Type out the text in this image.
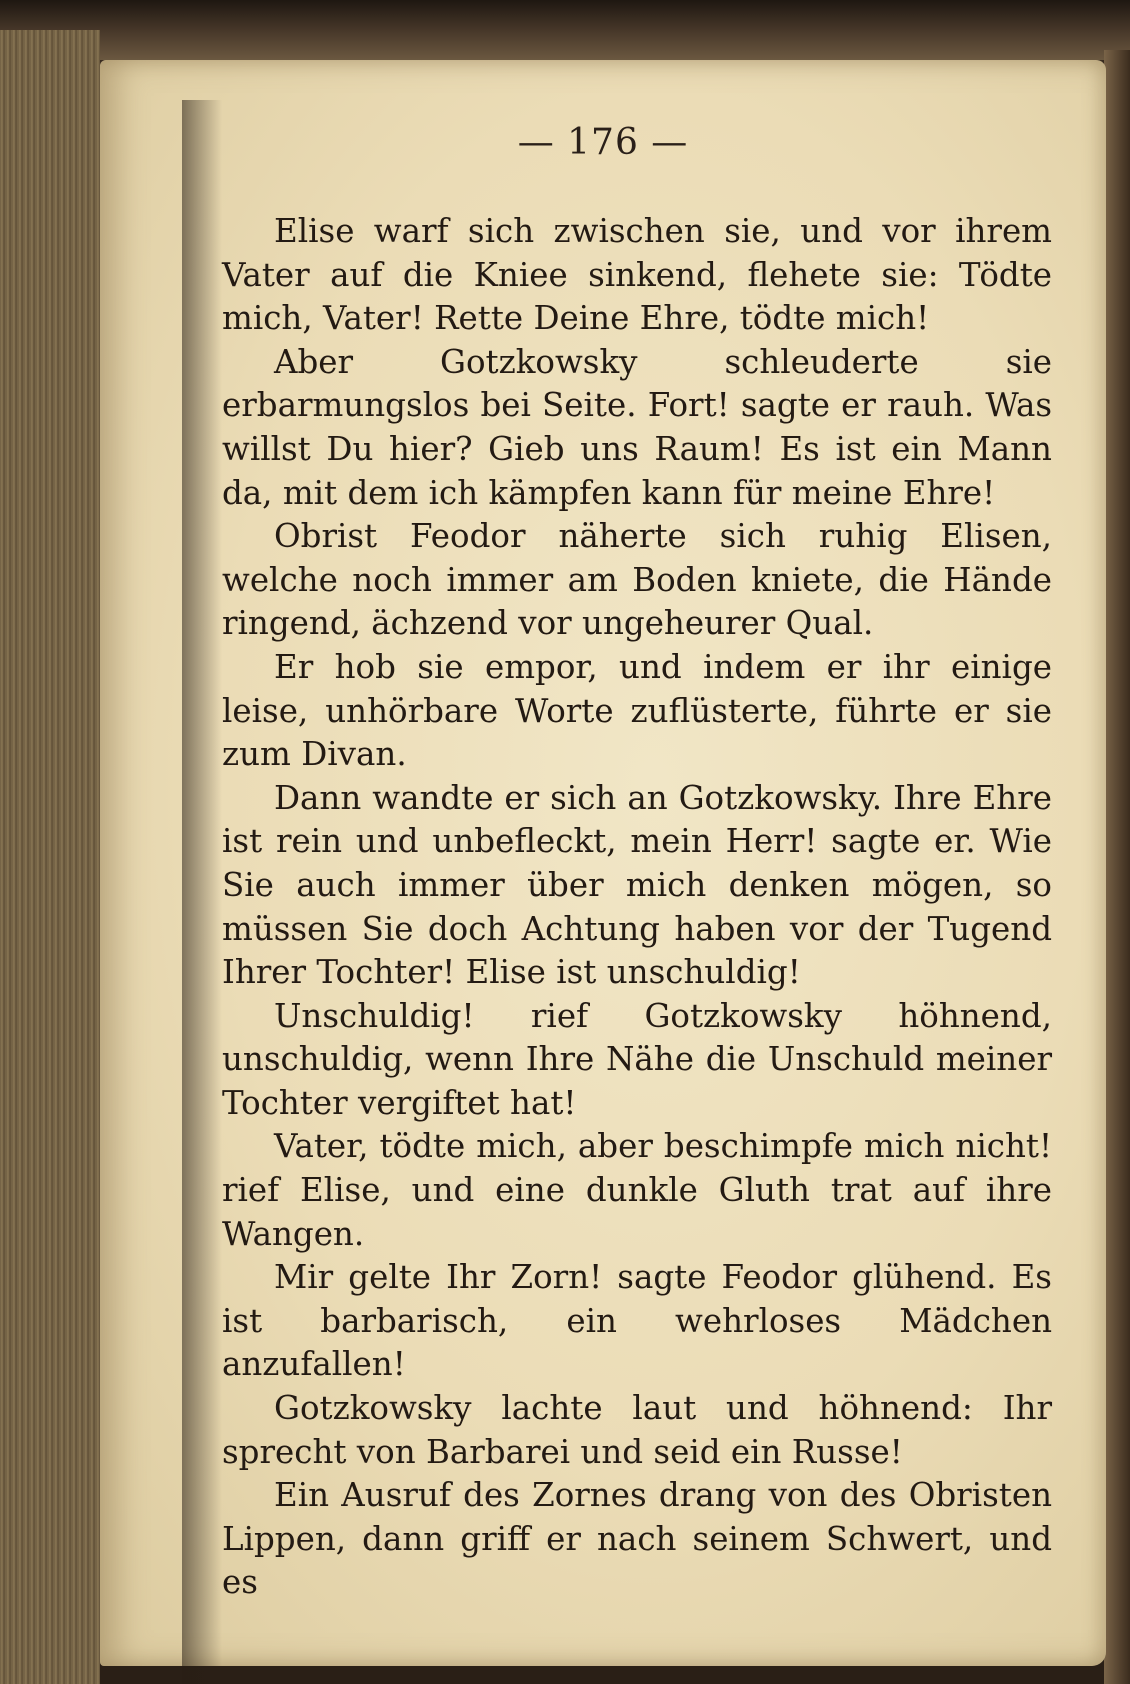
— 176 —

Elise warf sich zwischen sie, und vor ihrem Vater auf die Kniee sinkend, flehete sie: Tödte mich, Vater! Rette Deine Ehre, tödte mich!

Aber Gotzkowsky schleuderte sie erbarmungslos bei Seite. Fort! sagte er rauh. Was willst Du hier? Gieb uns Raum! Es ist ein Mann da, mit dem ich kämpfen kann für meine Ehre!

Obrist Feodor näherte sich ruhig Elisen, welche noch immer am Boden kniete, die Hände ringend, ächzend vor ungeheurer Qual.

Er hob sie empor, und indem er ihr einige leise, unhörbare Worte zuflüsterte, führte er sie zum Divan.

Dann wandte er sich an Gotzkowsky. Ihre Ehre ist rein und unbefleckt, mein Herr! sagte er. Wie Sie auch immer über mich denken mögen, so müssen Sie doch Achtung haben vor der Tugend Ihrer Tochter! Elise ist unschuldig!

Unschuldig! rief Gotzkowsky höhnend, unschuldig, wenn Ihre Nähe die Unschuld meiner Tochter vergiftet hat!

Vater, tödte mich, aber beschimpfe mich nicht! rief Elise, und eine dunkle Gluth trat auf ihre Wangen.

Mir gelte Ihr Zorn! sagte Feodor glühend. Es ist barbarisch, ein wehrloses Mädchen anzufallen!

Gotzkowsky lachte laut und höhnend: Ihr sprecht von Barbarei und seid ein Russe!

Ein Ausruf des Zornes drang von des Obristen Lippen, dann griff er nach seinem Schwert, und es
